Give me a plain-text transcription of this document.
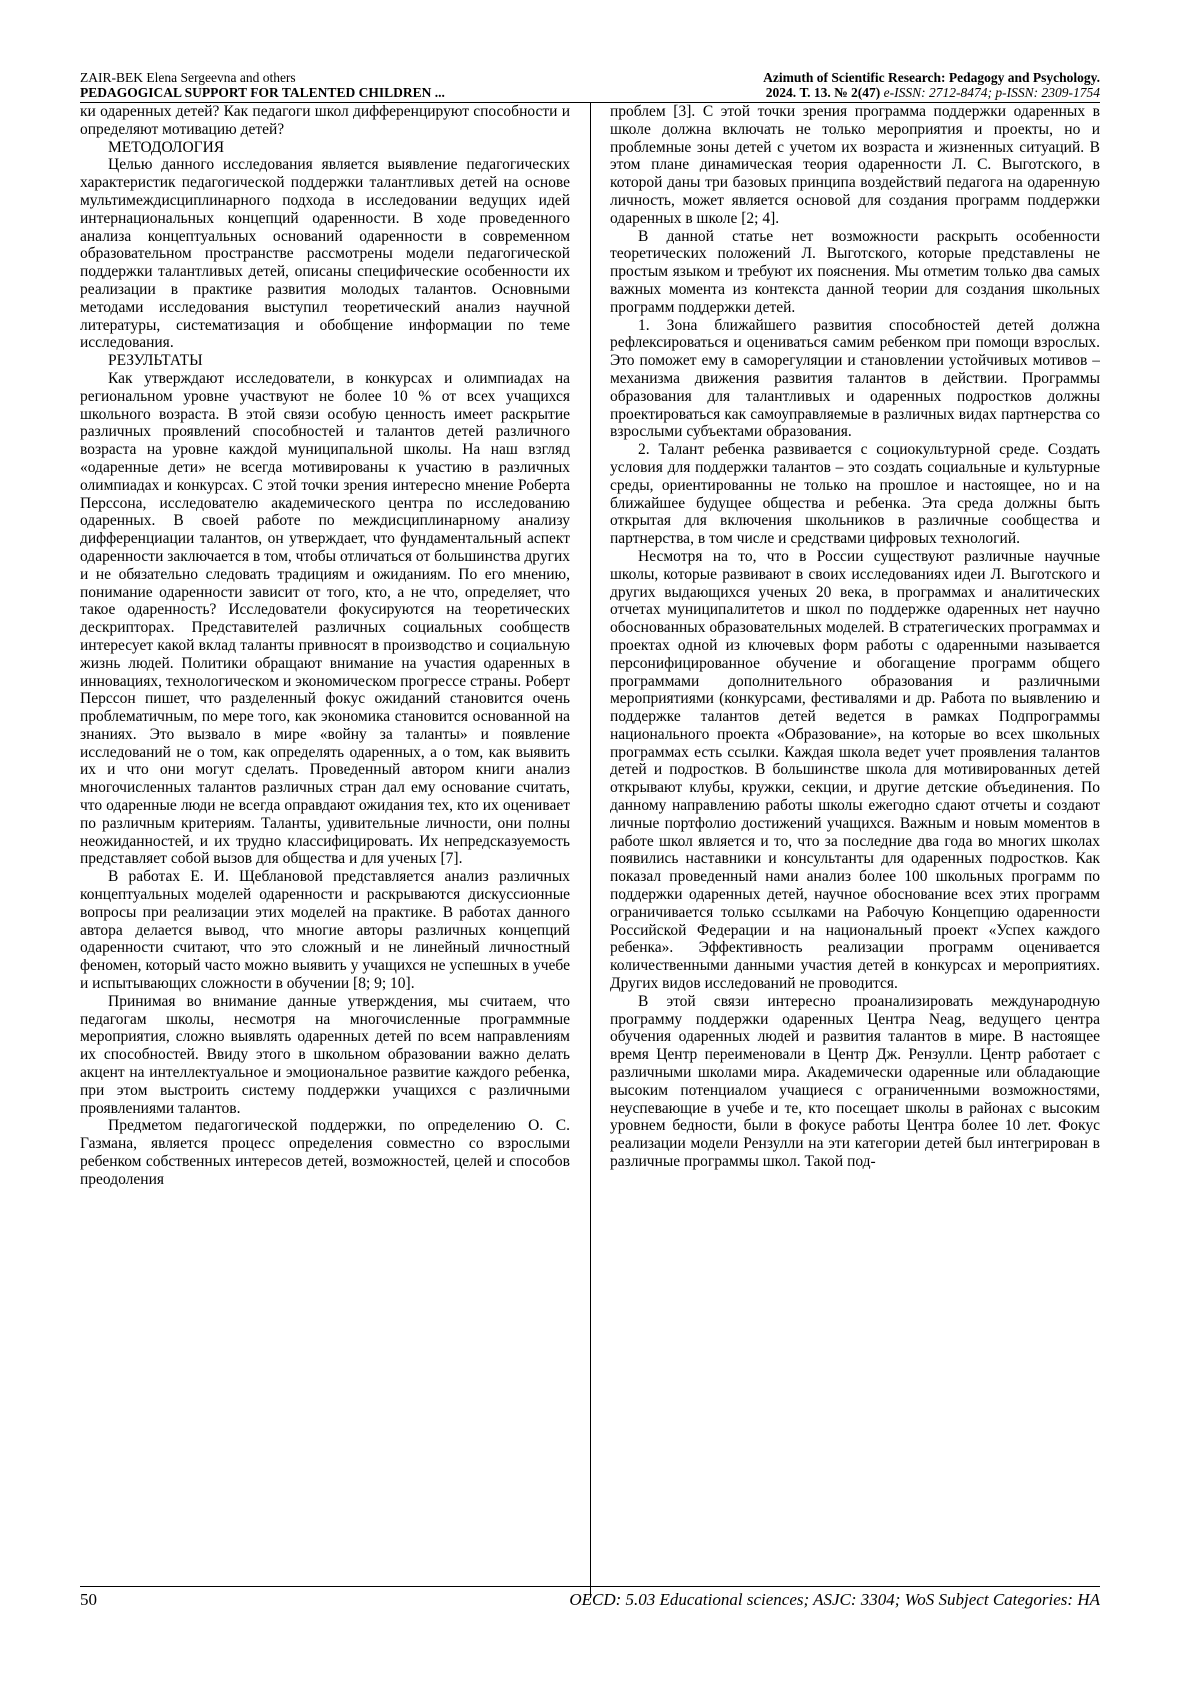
ZAIR-BEK Elena Sergeevna and others
PEDAGOGICAL SUPPORT FOR TALENTED CHILDREN ...
Azimuth of Scientific Research: Pedagogy and Psychology.
2024. Т. 13. № 2(47) e-ISSN: 2712-8474; p-ISSN: 2309-1754

ки одаренных детей? Как педагоги школ дифференцируют способности и определяют мотивацию детей?

МЕТОДОЛОГИЯ

Целью данного исследования является выявление педагогических характеристик педагогической поддержки талантливых детей на основе мультимеждисциплинарного подхода в исследовании ведущих идей интернациональных концепций одаренности. В ходе проведенного анализа концептуальных оснований одаренности в современном образовательном пространстве рассмотрены модели педагогической поддержки талантливых детей, описаны специфические особенности их реализации в практике развития молодых талантов. Основными методами исследования выступил теоретический анализ научной литературы, систематизация и обобщение информации по теме исследования.

РЕЗУЛЬТАТЫ

Как утверждают исследователи, в конкурсах и олимпиадах на региональном уровне участвуют не более 10 % от всех учащихся школьного возраста. В этой связи особую ценность имеет раскрытие различных проявлений способностей и талантов детей различного возраста на уровне каждой муниципальной школы. На наш взгляд «одаренные дети» не всегда мотивированы к участию в различных олимпиадах и конкурсах. С этой точки зрения интересно мнение Роберта Перссона, исследователю академического центра по исследованию одаренных. В своей работе по междисциплинарному анализу дифференциации талантов, он утверждает, что фундаментальный аспект одаренности заключается в том, чтобы отличаться от большинства других и не обязательно следовать традициям и ожиданиям. По его мнению, понимание одаренности зависит от того, кто, а не что, определяет, что такое одаренность? Исследователи фокусируются на теоретических дескрипторах. Представителей различных социальных сообществ интересует какой вклад таланты привносят в производство и социальную жизнь людей. Политики обращают внимание на участия одаренных в инновациях, технологическом и экономическом прогрессе страны. Роберт Перссон пишет, что разделенный фокус ожиданий становится очень проблематичным, по мере того, как экономика становится основанной на знаниях. Это вызвало в мире «войну за таланты» и появление исследований не о том, как определять одаренных, а о том, как выявить их и что они могут сделать. Проведенный автором книги анализ многочисленных талантов различных стран дал ему основание считать, что одаренные люди не всегда оправдают ожидания тех, кто их оценивает по различным критериям. Таланты, удивительные личности, они полны неожиданностей, и их трудно классифицировать. Их непредсказуемость представляет собой вызов для общества и для ученых [7].

В работах Е. И. Щеблановой представляется анализ различных концептуальных моделей одаренности и раскрываются дискуссионные вопросы при реализации этих моделей на практике. В работах данного автора делается вывод, что многие авторы различных концепций одаренности считают, что это сложный и не линейный личностный феномен, который часто можно выявить у учащихся не успешных в учебе и испытывающих сложности в обучении [8; 9; 10].

Принимая во внимание данные утверждения, мы считаем, что педагогам школы, несмотря на многочисленные программные мероприятия, сложно выявлять одаренных детей по всем направлениям их способностей. Ввиду этого в школьном образовании важно делать акцент на интеллектуальное и эмоциональное развитие каждого ребенка, при этом выстроить систему поддержки учащихся с различными проявлениями талантов.

Предметом педагогической поддержки, по определению О. С. Газмана, является процесс определения совместно со взрослыми ребенком собственных интересов детей, возможностей, целей и способов преодоления

проблем [3]. С этой точки зрения программа поддержки одаренных в школе должна включать не только мероприятия и проекты, но и проблемные зоны детей с учетом их возраста и жизненных ситуаций. В этом плане динамическая теория одаренности Л. С. Выготского, в которой даны три базовых принципа воздействий педагога на одаренную личность, может является основой для создания программ поддержки одаренных в школе [2; 4].

В данной статье нет возможности раскрыть особенности теоретических положений Л. Выготского, которые представлены не простым языком и требуют их пояснения. Мы отметим только два самых важных момента из контекста данной теории для создания школьных программ поддержки детей.

1. Зона ближайшего развития способностей детей должна рефлексироваться и оцениваться самим ребенком при помощи взрослых. Это поможет ему в саморегуляции и становлении устойчивых мотивов – механизма движения развития талантов в действии. Программы образования для талантливых и одаренных подростков должны проектироваться как самоуправляемые в различных видах партнерства со взрослыми субъектами образования.

2. Талант ребенка развивается с социокультурной среде. Создать условия для поддержки талантов – это создать социальные и культурные среды, ориентированны не только на прошлое и настоящее, но и на ближайшее будущее общества и ребенка. Эта среда должны быть открытая для включения школьников в различные сообщества и партнерства, в том числе и средствами цифровых технологий.

Несмотря на то, что в России существуют различные научные школы, которые развивают в своих исследованиях идеи Л. Выготского и других выдающихся ученых 20 века, в программах и аналитических отчетах муниципалитетов и школ по поддержке одаренных нет научно обоснованных образовательных моделей. В стратегических программах и проектах одной из ключевых форм работы с одаренными называется персонифицированное обучение и обогащение программ общего программами дополнительного образования и различными мероприятиями (конкурсами, фестивалями и др. Работа по выявлению и поддержке талантов детей ведется в рамках Подпрограммы национального проекта «Образование», на которые во всех школьных программах есть ссылки. Каждая школа ведет учет проявления талантов детей и подростков. В большинстве школа для мотивированных детей открывают клубы, кружки, секции, и другие детские объединения. По данному направлению работы школы ежегодно сдают отчеты и создают личные портфолио достижений учащихся. Важным и новым моментов в работе школ является и то, что за последние два года во многих школах появились наставники и консультанты для одаренных подростков. Как показал проведенный нами анализ более 100 школьных программ по поддержки одаренных детей, научное обоснование всех этих программ ограничивается только ссылками на Рабочую Концепцию одаренности Российской Федерации и на национальный проект «Успех каждого ребенка». Эффективность реализации программ оценивается количественными данными участия детей в конкурсах и мероприятиях. Других видов исследований не проводится.

В этой связи интересно проанализировать международную программу поддержки одаренных Центра Neag, ведущего центра обучения одаренных людей и развития талантов в мире. В настоящее время Центр переименовали в Центр Дж. Рензулли. Центр работает с различными школами мира. Академически одаренные или обладающие высоким потенциалом учащиеся с ограниченными возможностями, неуспевающие в учебе и те, кто посещает школы в районах с высоким уровнем бедности, были в фокусе работы Центра более 10 лет. Фокус реализации модели Рензулли на эти категории детей был интегрирован в различные программы школ. Такой под-

50	OECD: 5.03 Educational sciences; ASJC: 3304; WoS Subject Categories: HA
